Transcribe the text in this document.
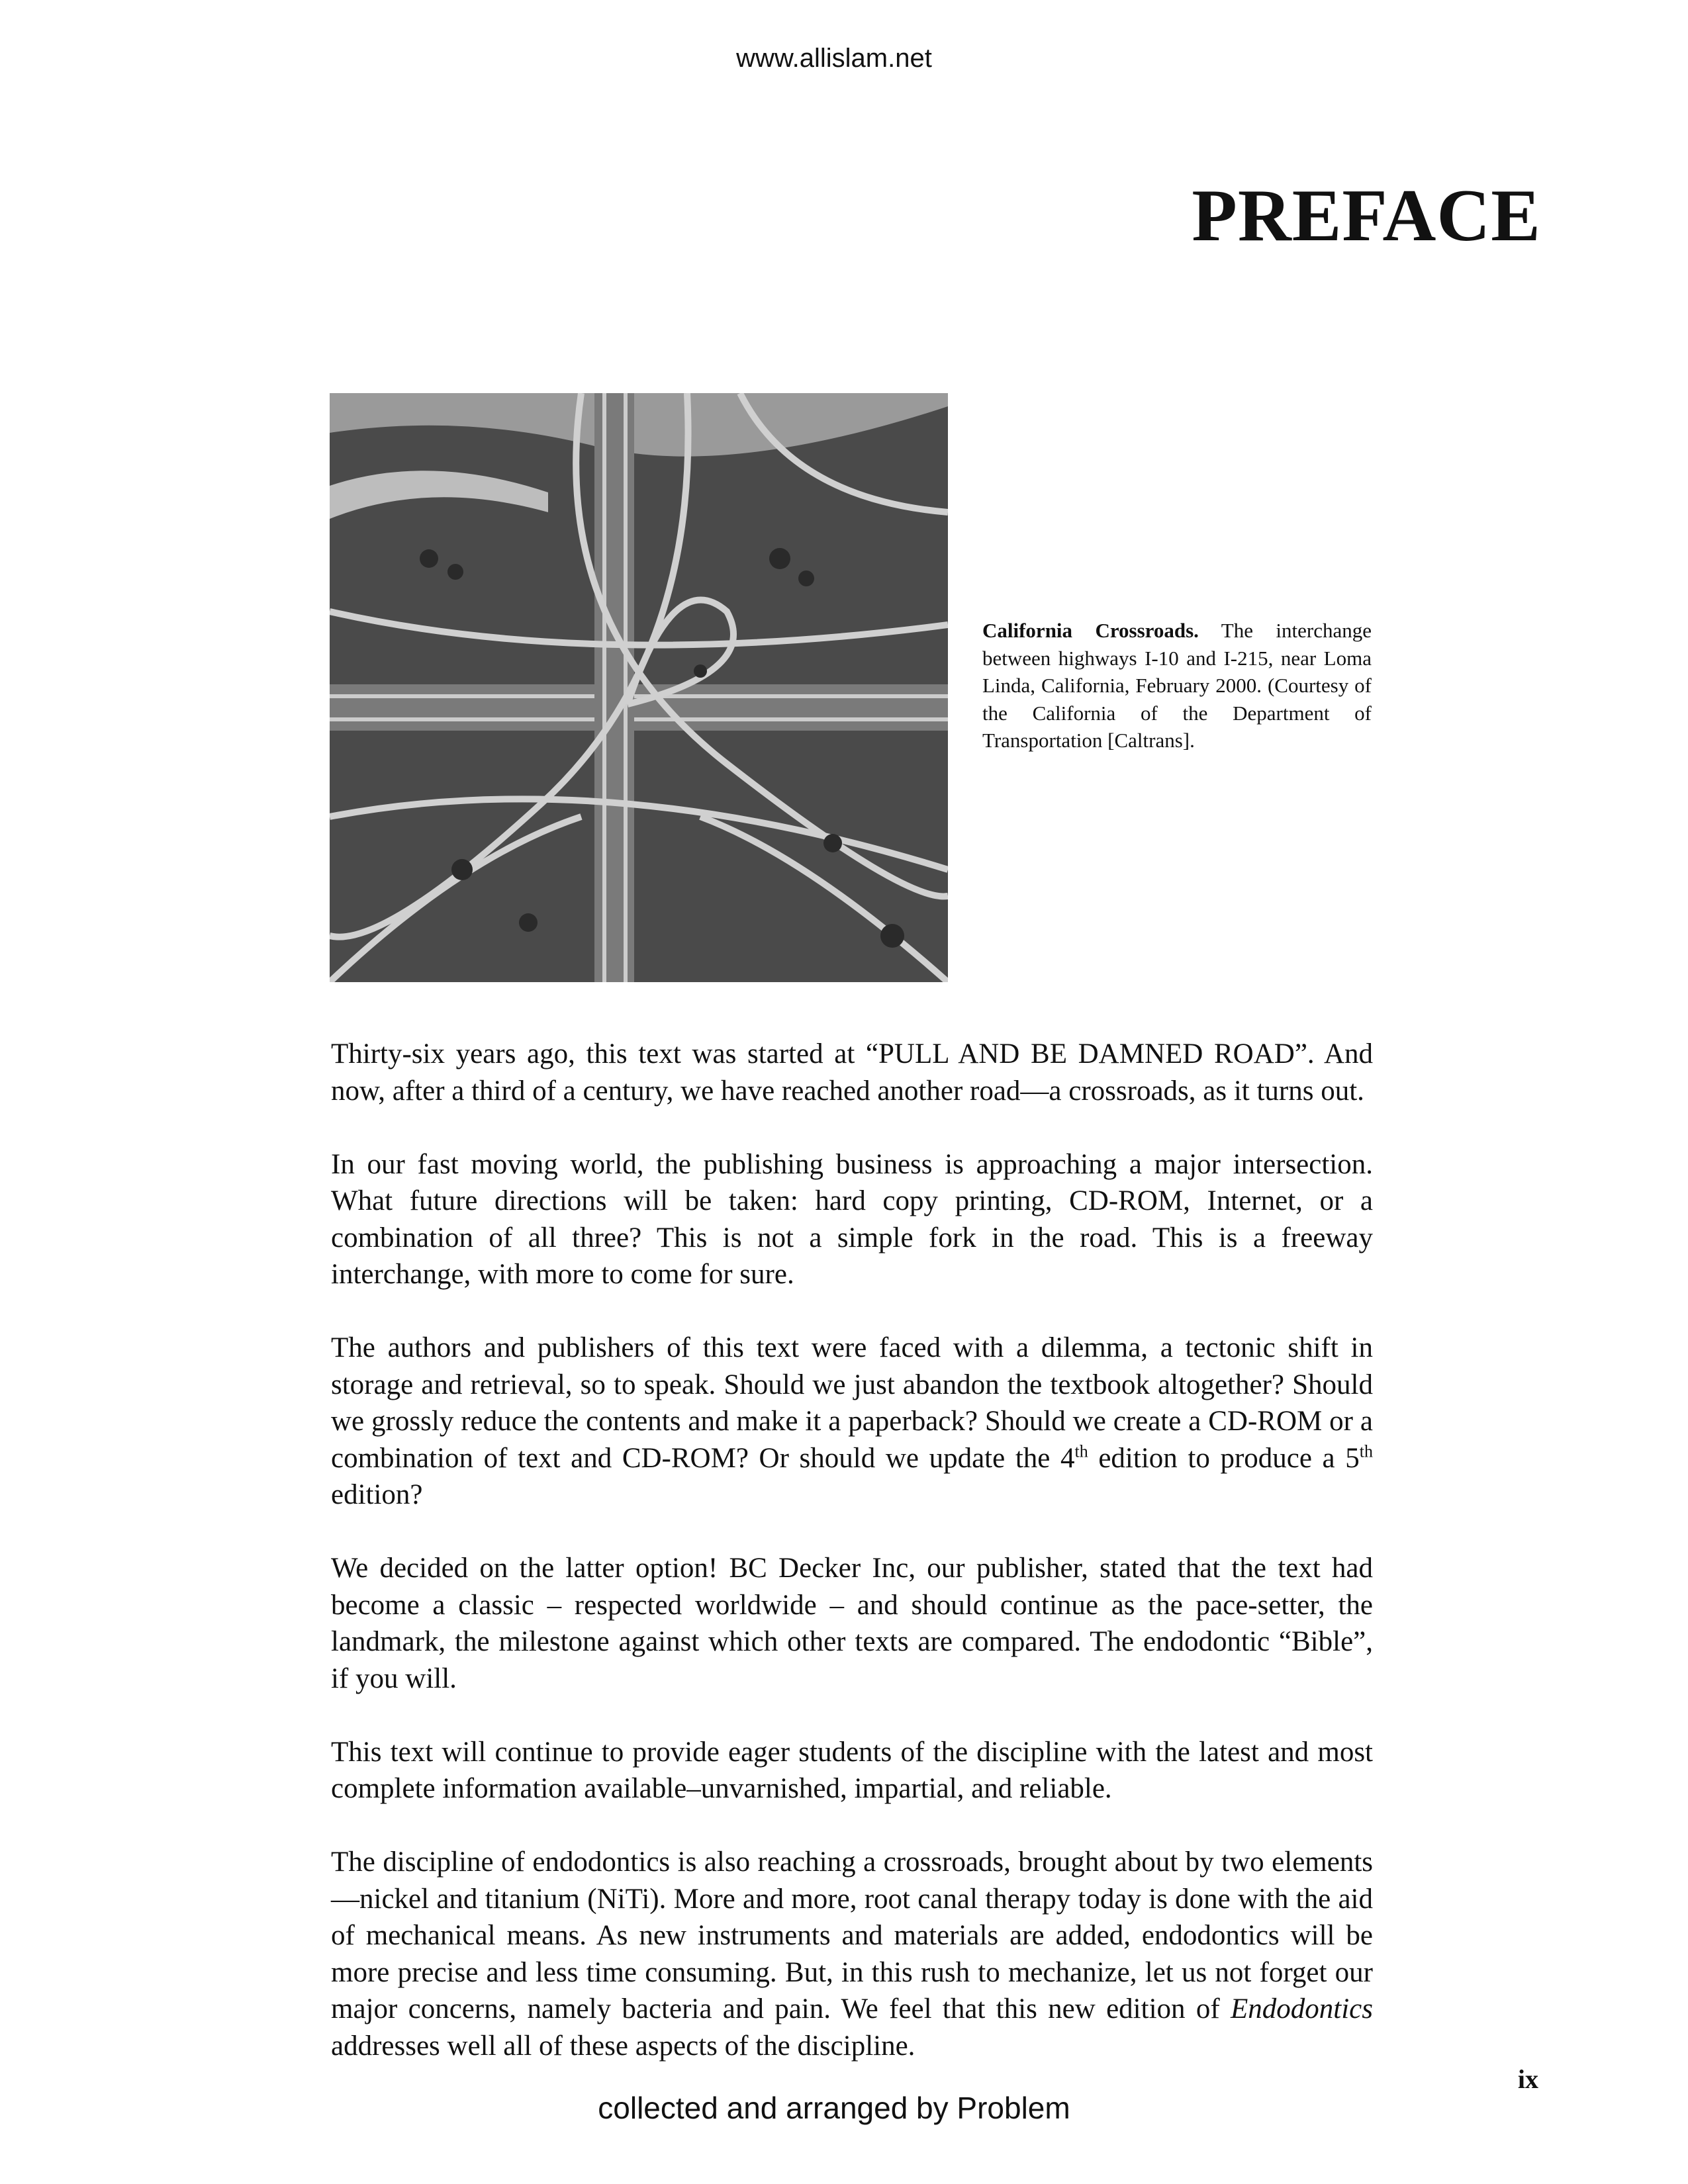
www.allislam.net
PREFACE
California Crossroads. The interchange between highways I-10 and I-215, near Loma Linda, California, February 2000. (Courtesy of the California of the Department of Transportation [Caltrans].

Thirty-six years ago, this text was started at “PULL AND BE DAMNED ROAD”. And now, after a third of a century, we have reached another road—a crossroads, as it turns out.

In our fast moving world, the publishing business is approaching a major intersection. What future directions will be taken: hard copy printing, CD-ROM, Internet, or a combination of all three? This is not a simple fork in the road. This is a freeway interchange, with more to come for sure.

The authors and publishers of this text were faced with a dilemma, a tectonic shift in storage and retrieval, so to speak. Should we just abandon the textbook altogether? Should we grossly reduce the contents and make it a paperback? Should we create a CD-ROM or a combination of text and CD-ROM? Or should we update the 4th edition to produce a 5th edition?

We decided on the latter option! BC Decker Inc, our publisher, stated that the text had become a classic – respected worldwide – and should continue as the pace-setter, the landmark, the milestone against which other texts are compared. The endodontic “Bible”, if you will.

This text will continue to provide eager students of the discipline with the latest and most complete information available–unvarnished, impartial, and reliable.

The discipline of endodontics is also reaching a crossroads, brought about by two elements—nickel and titanium (NiTi). More and more, root canal therapy today is done with the aid of mechanical means. As new instruments and materials are added, endodontics will be more precise and less time consuming. But, in this rush to mechanize, let us not forget our major concerns, namely bacteria and pain. We feel that this new edition of Endodontics addresses well all of these aspects of the discipline.

ix
collected and arranged by Problem
